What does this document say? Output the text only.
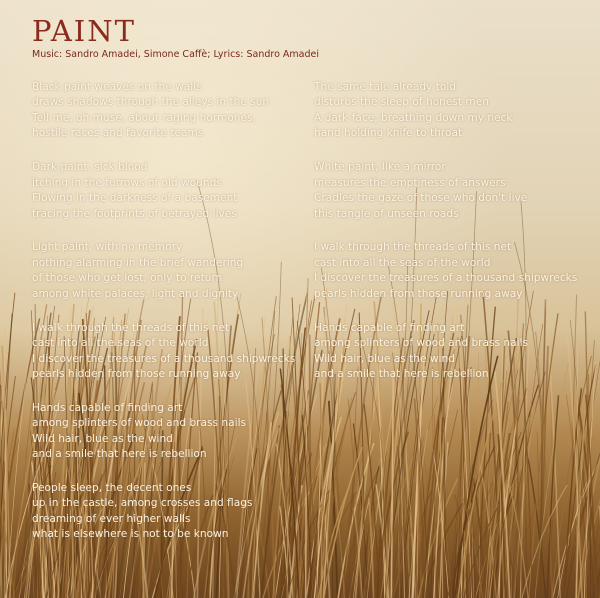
PAINT
Music: Sandro Amadei, Simone Caffè; Lyrics: Sandro Amadei
Black paint weaves on the walls
draws shadows through the alleys in the sun
Tell me, oh muse, about raging hormones,
hostile races and favorite teams
Dark paint, sick blood
itching in the furrows of old wounds
Flowing in the darkness of a basement
tracing the footprints of betrayed lives
Light paint, with no memory
nothing alarming in the brief wandering
of those who get lost, only to return
among white palaces, light and dignity
I walk through the threads of this net
cast into all the seas of the world
I discover the treasures of a thousand shipwrecks
pearls hidden from those running away
Hands capable of finding art
among splinters of wood and brass nails
Wild hair, blue as the wind
and a smile that here is rebellion
People sleep, the decent ones
up in the castle, among crosses and flags
dreaming of ever higher walls
what is elsewhere is not to be known
The same tale already told
disturbs the sleep of honest men
A dark face, breathing down my neck
hand holding knife to throat
White paint, like a mirror
measures the emptiness of answers
Cradles the gaze of those who don't live
this tangle of unseen roads
I walk through the threads of this net
cast into all the seas of the world
I discover the treasures of a thousand shipwrecks
pearls hidden from those running away
Hands capable of finding art
among splinters of wood and brass nails
Wild hair, blue as the wind
and a smile that here is rebellion
